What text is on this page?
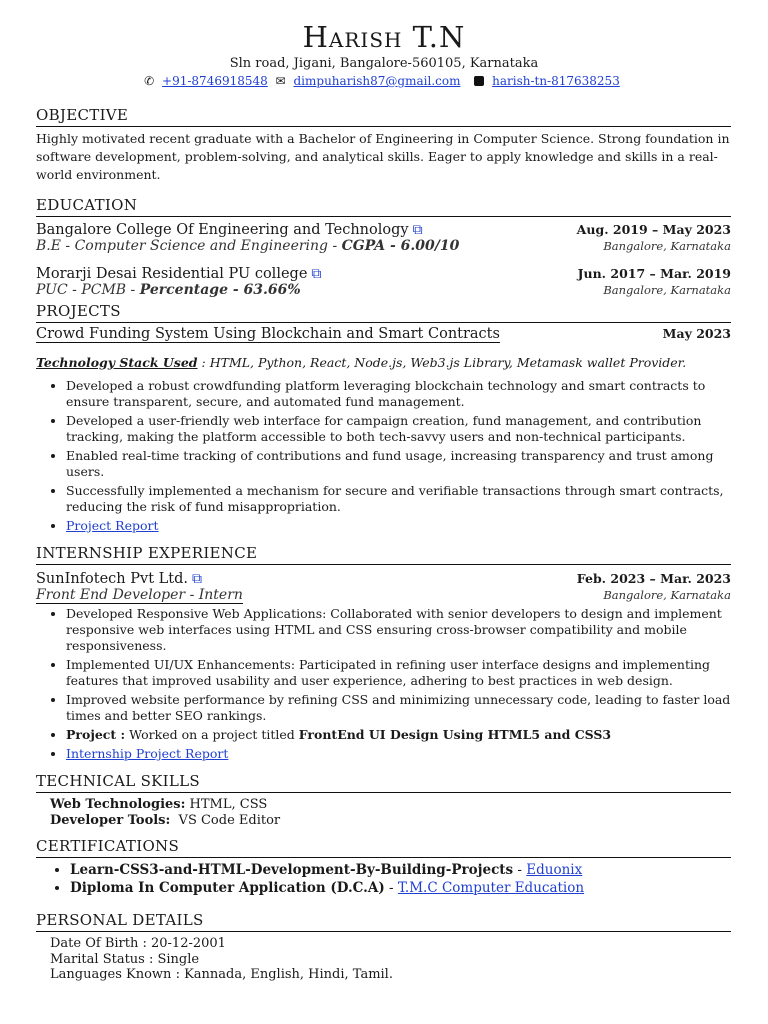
Harish T.N
Sln road, Jigani, Bangalore-560105, Karnataka
✆ +91-8746918548 ✉ dimpuharish87@gmail.com	harish-tn-817638253
OBJECTIVE
Highly motivated recent graduate with a Bachelor of Engineering in Computer Science. Strong foundation in software development, problem-solving, and analytical skills. Eager to apply knowledge and skills in a real-world environment.
EDUCATION
Bangalore College Of Engineering and Technology ⧉	Aug. 2019 – May 2023
B.E - Computer Science and Engineering - CGPA - 6.00/10	Bangalore, Karnataka
Morarji Desai Residential PU college ⧉	Jun. 2017 – Mar. 2019
PUC - PCMB - Percentage - 63.66%	Bangalore, Karnataka
PROJECTS
Crowd Funding System Using Blockchain and Smart Contracts	May 2023
Technology Stack Used : HTML, Python, React, Node.js, Web3.js Library, Metamask wallet Provider.
• Developed a robust crowdfunding platform leveraging blockchain technology and smart contracts to ensure transparent, secure, and automated fund management.
• Developed a user-friendly web interface for campaign creation, fund management, and contribution tracking, making the platform accessible to both tech-savvy users and non-technical participants.
• Enabled real-time tracking of contributions and fund usage, increasing transparency and trust among users.
• Successfully implemented a mechanism for secure and verifiable transactions through smart contracts, reducing the risk of fund misappropriation.
• Project Report
INTERNSHIP EXPERIENCE
SunInfotech Pvt Ltd. ⧉	Feb. 2023 – Mar. 2023
Front End Developer - Intern	Bangalore, Karnataka
• Developed Responsive Web Applications: Collaborated with senior developers to design and implement responsive web interfaces using HTML and CSS ensuring cross-browser compatibility and mobile responsiveness.
• Implemented UI/UX Enhancements: Participated in refining user interface designs and implementing features that improved usability and user experience, adhering to best practices in web design.
• Improved website performance by refining CSS and minimizing unnecessary code, leading to faster load times and better SEO rankings.
• Project : Worked on a project titled FrontEnd UI Design Using HTML5 and CSS3
• Internship Project Report
TECHNICAL SKILLS
Web Technologies: HTML, CSS
Developer Tools:  VS Code Editor
CERTIFICATIONS
• Learn-CSS3-and-HTML-Development-By-Building-Projects - Eduonix
• Diploma In Computer Application (D.C.A) - T.M.C Computer Education
PERSONAL DETAILS
Date Of Birth : 20-12-2001
Marital Status : Single
Languages Known : Kannada, English, Hindi, Tamil.
